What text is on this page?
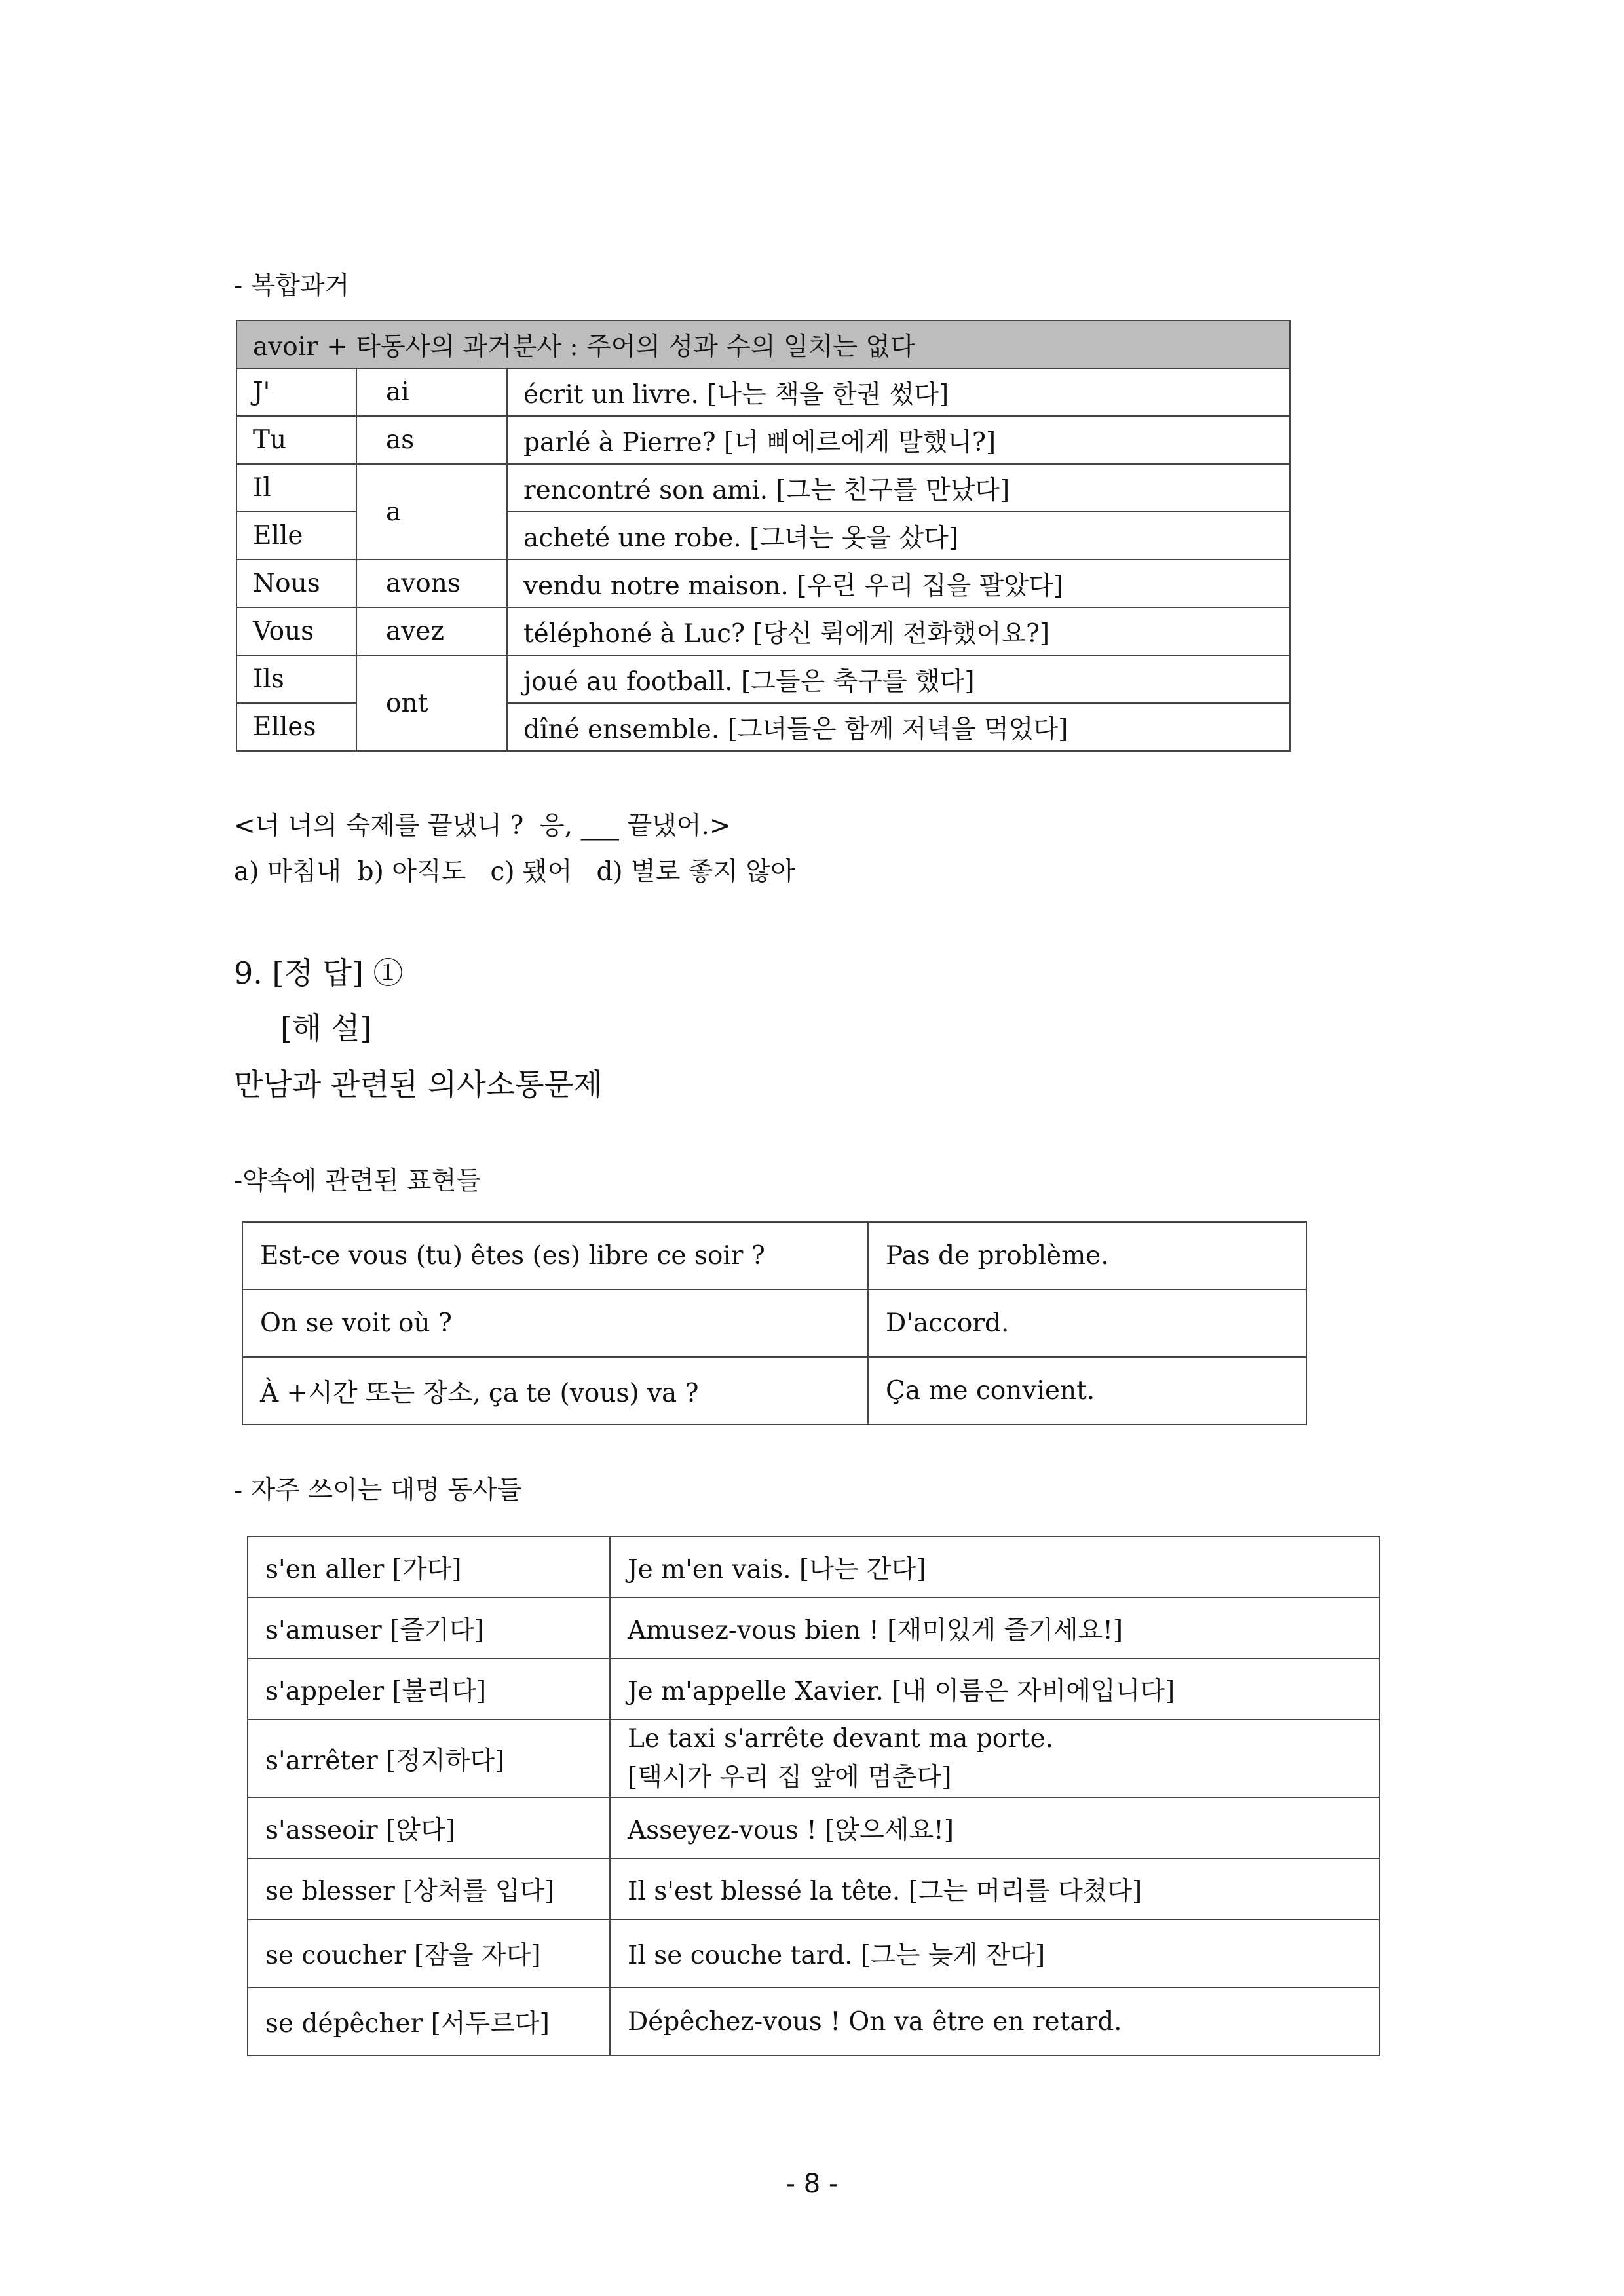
- 복합과거
avoir + 타동사의 과거분사 : 주어의 성과 수의 일치는 없다		
J'	ai	écrit un livre. [나는 책을 한권 썼다]
Tu	as	parlé à Pierre? [너 삐에르에게 말했니?]
Il	a	rencontré son ami. [그는 친구를 만났다]
Elle		acheté une robe. [그녀는 옷을 샀다]
Nous	avons	vendu notre maison. [우린 우리 집을 팔았다]
Vous	avez	téléphoné à Luc? [당신 뤽에게 전화했어요?]
Ils	ont	joué au football. [그들은 축구를 했다]
Elles		dîné ensemble. [그녀들은 함께 저녁을 먹었다]
<너 너의 숙제를 끝냈니 ?  응, ___ 끝냈어.>
a) 마침내  b) 아직도   c) 됐어   d) 별로 좋지 않아
9. [정 답] ①
[해 설]
만남과 관련된 의사소통문제
-약속에 관련된 표현들
Est-ce vous (tu) êtes (es) libre ce soir ?	Pas de problème.
On se voit où ?	D'accord.
À +시간 또는 장소, ça te (vous) va ?	Ça me convient.
- 자주 쓰이는 대명 동사들
s'en aller [가다]	Je m'en vais. [나는 간다]
s'amuser [즐기다]	Amusez-vous bien ! [재미있게 즐기세요!]
s'appeler [불리다]	Je m'appelle Xavier. [내 이름은 자비에입니다]
s'arrêter [정지하다]	Le taxi s'arrête devant ma porte.
[택시가 우리 집 앞에 멈춘다]

s'asseoir [앉다]	Asseyez-vous ! [앉으세요!]
se blesser [상처를 입다]	Il s'est blessé la tête. [그는 머리를 다쳤다]
se coucher [잠을 자다]	Il se couche tard. [그는 늦게 잔다]
se dépêcher [서두르다]	Dépêchez-vous ! On va être en retard.
- 8 -
